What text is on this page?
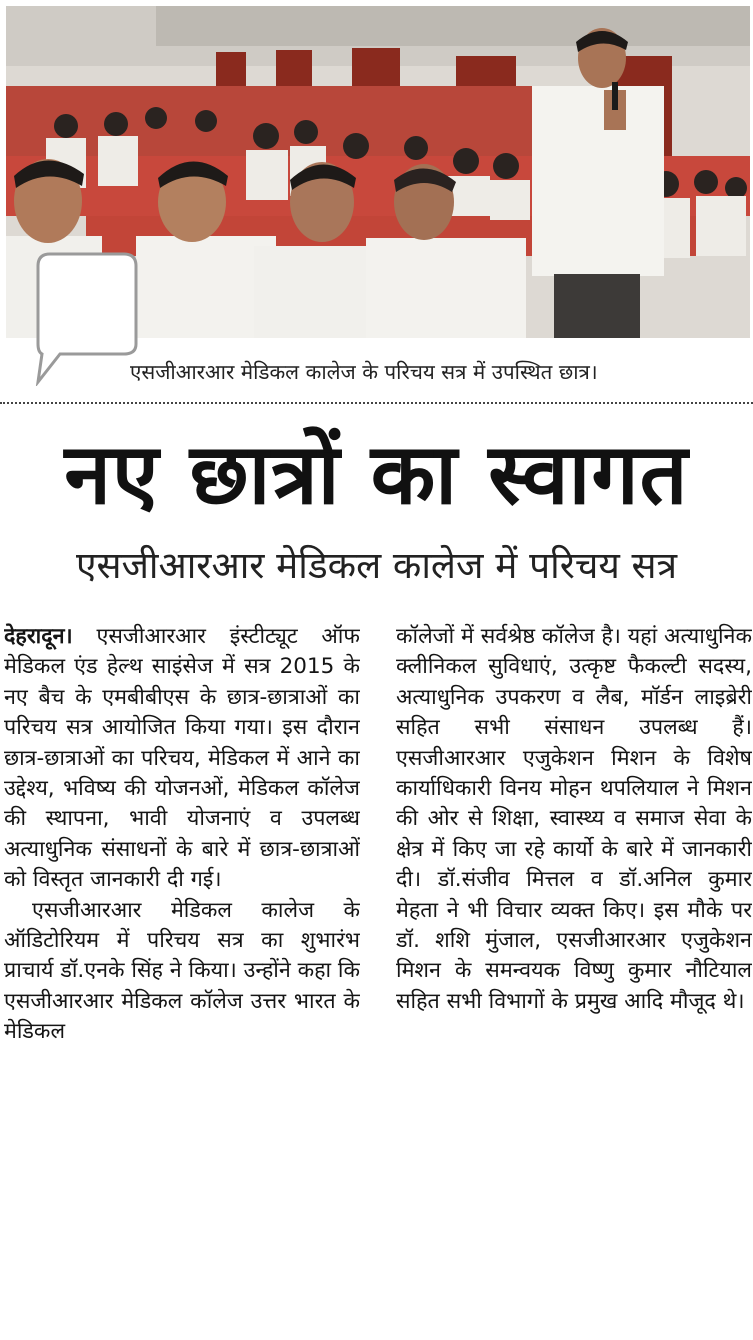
एसजीआरआर मेडिकल कालेज के परिचय सत्र में उपस्थित छात्र।
नए छात्रों का स्वागत
एसजीआरआर मेडिकल कालेज में परिचय सत्र

देहरादून। एसजीआरआर इंस्टीट्यूट ऑफ मेडिकल एंड हेल्थ साइंसेज में सत्र 2015 के नए बैच के एमबीबीएस के छात्र-छात्राओं का परिचय सत्र आयोजित किया गया। इस दौरान छात्र-छात्राओं का परिचय, मेडिकल में आने का उद्देश्य, भविष्य की योजनओं, मेडिकल कॉलेज की स्थापना, भावी योजनाएं व उपलब्ध अत्याधुनिक संसाधनों के बारे में छात्र-छात्राओं को विस्तृत जानकारी दी गई।

एसजीआरआर मेडिकल कालेज के ऑडिटोरियम में परिचय सत्र का शुभारंभ प्राचार्य डॉ.एनके सिंह ने किया। उन्होंने कहा कि एसजीआरआर मेडिकल कॉलेज उत्तर भारत के मेडिकल

कॉलेजों में सर्वश्रेष्ठ कॉलेज है। यहां अत्याधुनिक क्लीनिकल सुविधाएं, उत्कृष्ट फैकल्टी सदस्य, अत्याधुनिक उपकरण व लैब, मॉर्डन लाइब्रेरी सहित सभी संसाधन उपलब्ध हैं। एसजीआरआर एजुकेशन मिशन के विशेष कार्याधिकारी विनय मोहन थपलियाल ने मिशन की ओर से शिक्षा, स्वास्थ्य व समाज सेवा के क्षेत्र में किए जा रहे कार्यो के बारे में जानकारी दी। डॉ.संजीव मित्तल व डॉ.अनिल कुमार मेहता ने भी विचार व्यक्त किए। इस मौके पर डॉ. शशि मुंजाल, एसजीआरआर एजुकेशन मिशन के समन्वयक विष्णु कुमार नौटियाल सहित सभी विभागों के प्रमुख आदि मौजूद थे।
